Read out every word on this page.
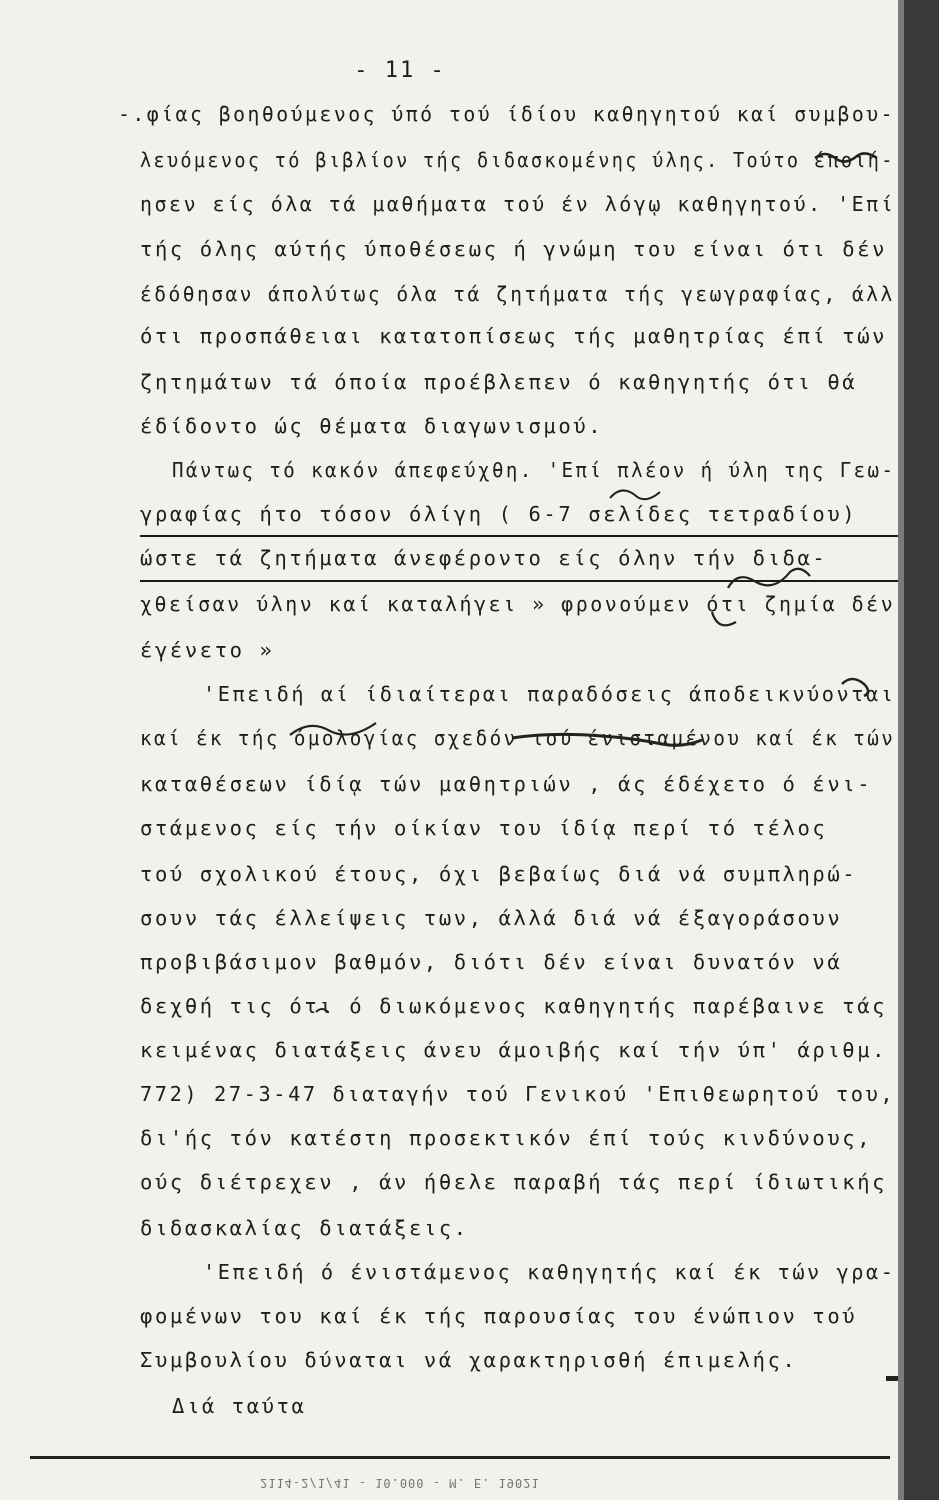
- 11 -
-.φίας βοηθούμενος ύπό τού ίδίου καθηγητού καί συμβου-
λευόμενος τό βιβλίον τής διδασκομένης ύλης. Τούτο έποιή-
ησεν είς όλα τά μαθήματα τού έν λόγῳ καθηγητού. 'Επί
τής όλης αύτής ύποθέσεως ή γνώμη του είναι ότι δέν
έδόθησαν άπολύτως όλα τά ζητήματα τής γεωγραφίας, άλλ
ότι προσπάθειαι κατατοπίσεως τής μαθητρίας έπί τών
ζητημάτων τά όποία προέβλεπεν ό καθηγητής ότι θά
έδίδοντο ώς θέματα διαγωνισμού.
Πάντως τό κακόν άπεφεύχθη. 'Επί πλέον ή ύλη της Γεω-
γραφίας ήτο τόσον όλίγη ( 6-7 σελίδες τετραδίου)
ώστε τά ζητήματα άνεφέροντο είς όλην τήν διδα-
χθείσαν ύλην καί καταλήγει » φρονούμεν ότι ζημία δέν
έγένετο »
'Επειδή αί ίδιαίτεραι παραδόσεις άποδεικνύονται
καί έκ τής όμολογίας σχεδόν τού ένισταμένου καί έκ τών
καταθέσεων ίδίᾳ τών μαθητριών , άς έδέχετο ό ένι-
στάμενος είς τήν οίκίαν του ίδίᾳ περί τό τέλος
τού σχολικού έτους, όχι βεβαίως διά νά συμπληρώ-
σουν τάς έλλείψεις των, άλλά διά νά έξαγοράσουν
προβιβάσιμον βαθμόν, διότι δέν είναι δυνατόν νά
δεχθή τις ότι ό διωκόμενος καθηγητής παρέβαινε τάς
κειμένας διατάξεις άνευ άμοιβής καί τήν ύπ' άριθμ.
772) 27-3-47 διαταγήν τού Γενικού 'Επιθεωρητού του,
δι'ής τόν κατέστη προσεκτικόν έπί τούς κινδύνους,
ούς διέτρεχεν , άν ήθελε παραβή τάς περί ίδιωτικής
διδασκαλίας διατάξεις.
'Επειδή ό ένιστάμενος καθηγητής καί έκ τών γρα-
φομένων του καί έκ τής παρουσίας του ένώπιον τού
Συμβουλίου δύναται νά χαρακτηρισθή έπιμελής.
Διά ταύτα
2114-2/1/41 - 10.000 - Μ. Ε. 19021
